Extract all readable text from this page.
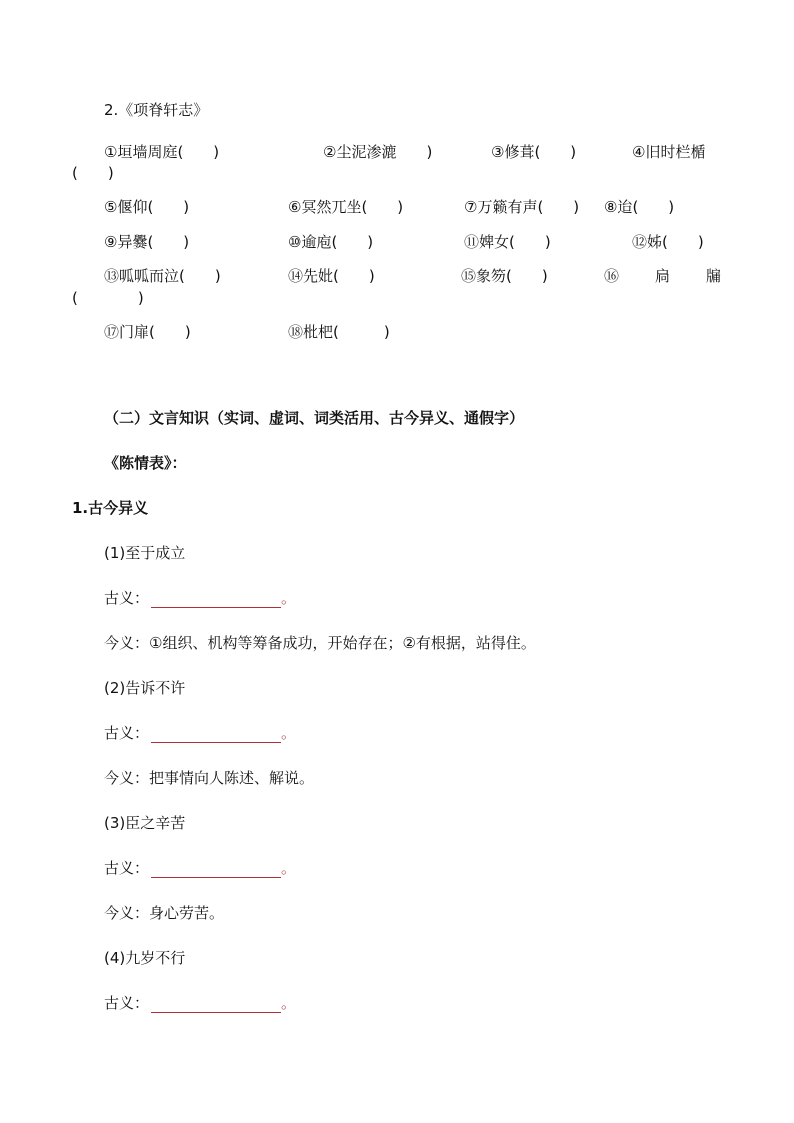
2.《项脊轩志》
①垣墙周庭(　　)	②尘泥渗漉　　)	③修葺(　　)	④旧时栏楯
(　　)
⑤偃仰(　　)	⑥冥然兀坐(　　)	⑦万籁有声(　　) ⑧迨(　　)
⑨异爨(　　)	⑩逾庖(　　)	⑪婢女(　　)	⑫姊(　　)
⑬呱呱而泣(　　)	⑭先妣(　　)	⑮象笏(　　)	⑯ 扃 牖
(　　　　)
⑰门扉(　　)	⑱枇杷(　　　)
（二）文言知识（实词、虚词、词类活用、古今异义、通假字）
《陈情表》：
1.古今异义
(1)至于成立
古义：	。
今义：①组织、机构等筹备成功，开始存在；②有根据，站得住。
(2)告诉不许
古义：	。
今义：把事情向人陈述、解说。
(3)臣之辛苦
古义：	。
今义：身心劳苦。
(4)九岁不行
古义：	。
